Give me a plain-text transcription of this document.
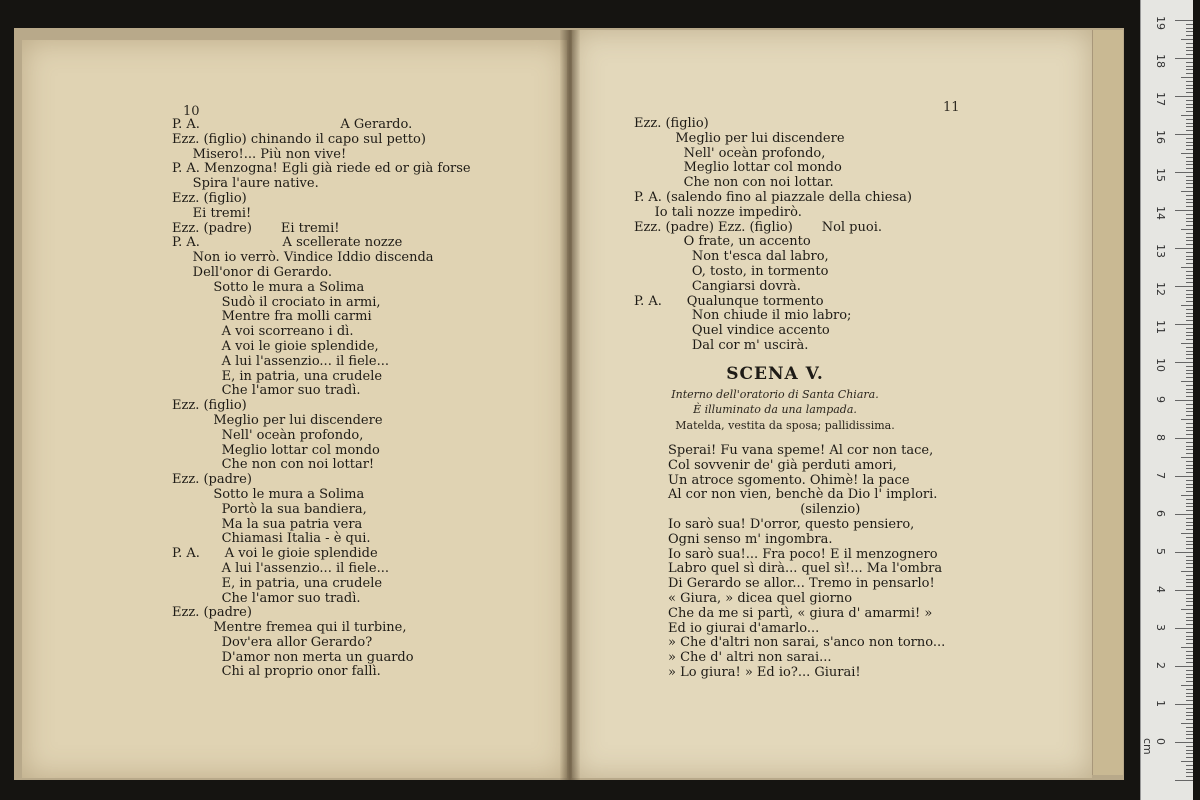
10	11
P. A.                                  A Gerardo.
Ezz. (figlio) chinando il capo sul petto)
Misero!... Più non vive!
P. A. Menzogna! Egli già riede ed or già forse
Spira l'aure native.
Ezz. (figlio)
Ei tremi!
Ezz. (padre)       Ei tremi!
P. A.                    A scellerate nozze
Non io verrò. Vindice Iddio discenda
Dell'onor di Gerardo.
Sotto le mura a Solima
Sudò il crociato in armi,
Mentre fra molli carmi
A voi scorreano i dì.
A voi le gioie splendide,
A lui l'assenzio... il fiele...
E, in patria, una crudele
Che l'amor suo tradì.
Ezz. (figlio)
Meglio per lui discendere
Nell' oceàn profondo,
Meglio lottar col mondo
Che non con noi lottar!
Ezz. (padre)
Sotto le mura a Solima
Portò la sua bandiera,
Ma la sua patria vera
Chiamasi Italia - è qui.
P. A.      A voi le gioie splendide
A lui l'assenzio... il fiele...
E, in patria, una crudele
Che l'amor suo tradì.
Ezz. (padre)
Mentre fremea qui il turbine,
Dov'era allor Gerardo?
D'amor non merta un guardo
Chi al proprio onor fallì.
Ezz. (figlio)
Meglio per lui discendere
Nell' oceàn profondo,
Meglio lottar col mondo
Che non con noi lottar.
P. A. (salendo fino al piazzale della chiesa)
Io tali nozze impedirò.
Ezz. (padre) Ezz. (figlio)       Nol puoi.
O frate, un accento
Non t'esca dal labro,
O, tosto, in tormento
Cangiarsi dovrà.
P. A.      Qualunque tormento
Non chiude il mio labro;
Quel vindice accento
Dal cor m' uscirà.
SCENA V.
Interno dell'oratorio di Santa Chiara.
È illuminato da una lampada.
Matelda, vestita da sposa; pallidissima.
Sperai! Fu vana speme! Al cor non tace,
Col sovvenir de' già perduti amori,
Un atroce sgomento. Ohimè! la pace
Al cor non vien, benchè da Dio l' implori.
(silenzio)
Io sarò sua! D'orror, questo pensiero,
Ogni senso m' ingombra.
Io sarò sua!... Fra poco! E il menzognero
Labro quel sì dirà... quel sì!... Ma l'ombra
Di Gerardo se allor... Tremo in pensarlo!
« Giura, » dicea quel giorno
Che da me si partì, « giura d' amarmi! »
Ed io giurai d'amarlo...
» Che d'altri non sarai, s'anco non torno...
» Che d' altri non sarai...
» Lo giura! » Ed io?... Giurai!
19
18
17
16
15
14
13
12
11
10
9
8
7
6
5
4
3
2
1
0 cm
